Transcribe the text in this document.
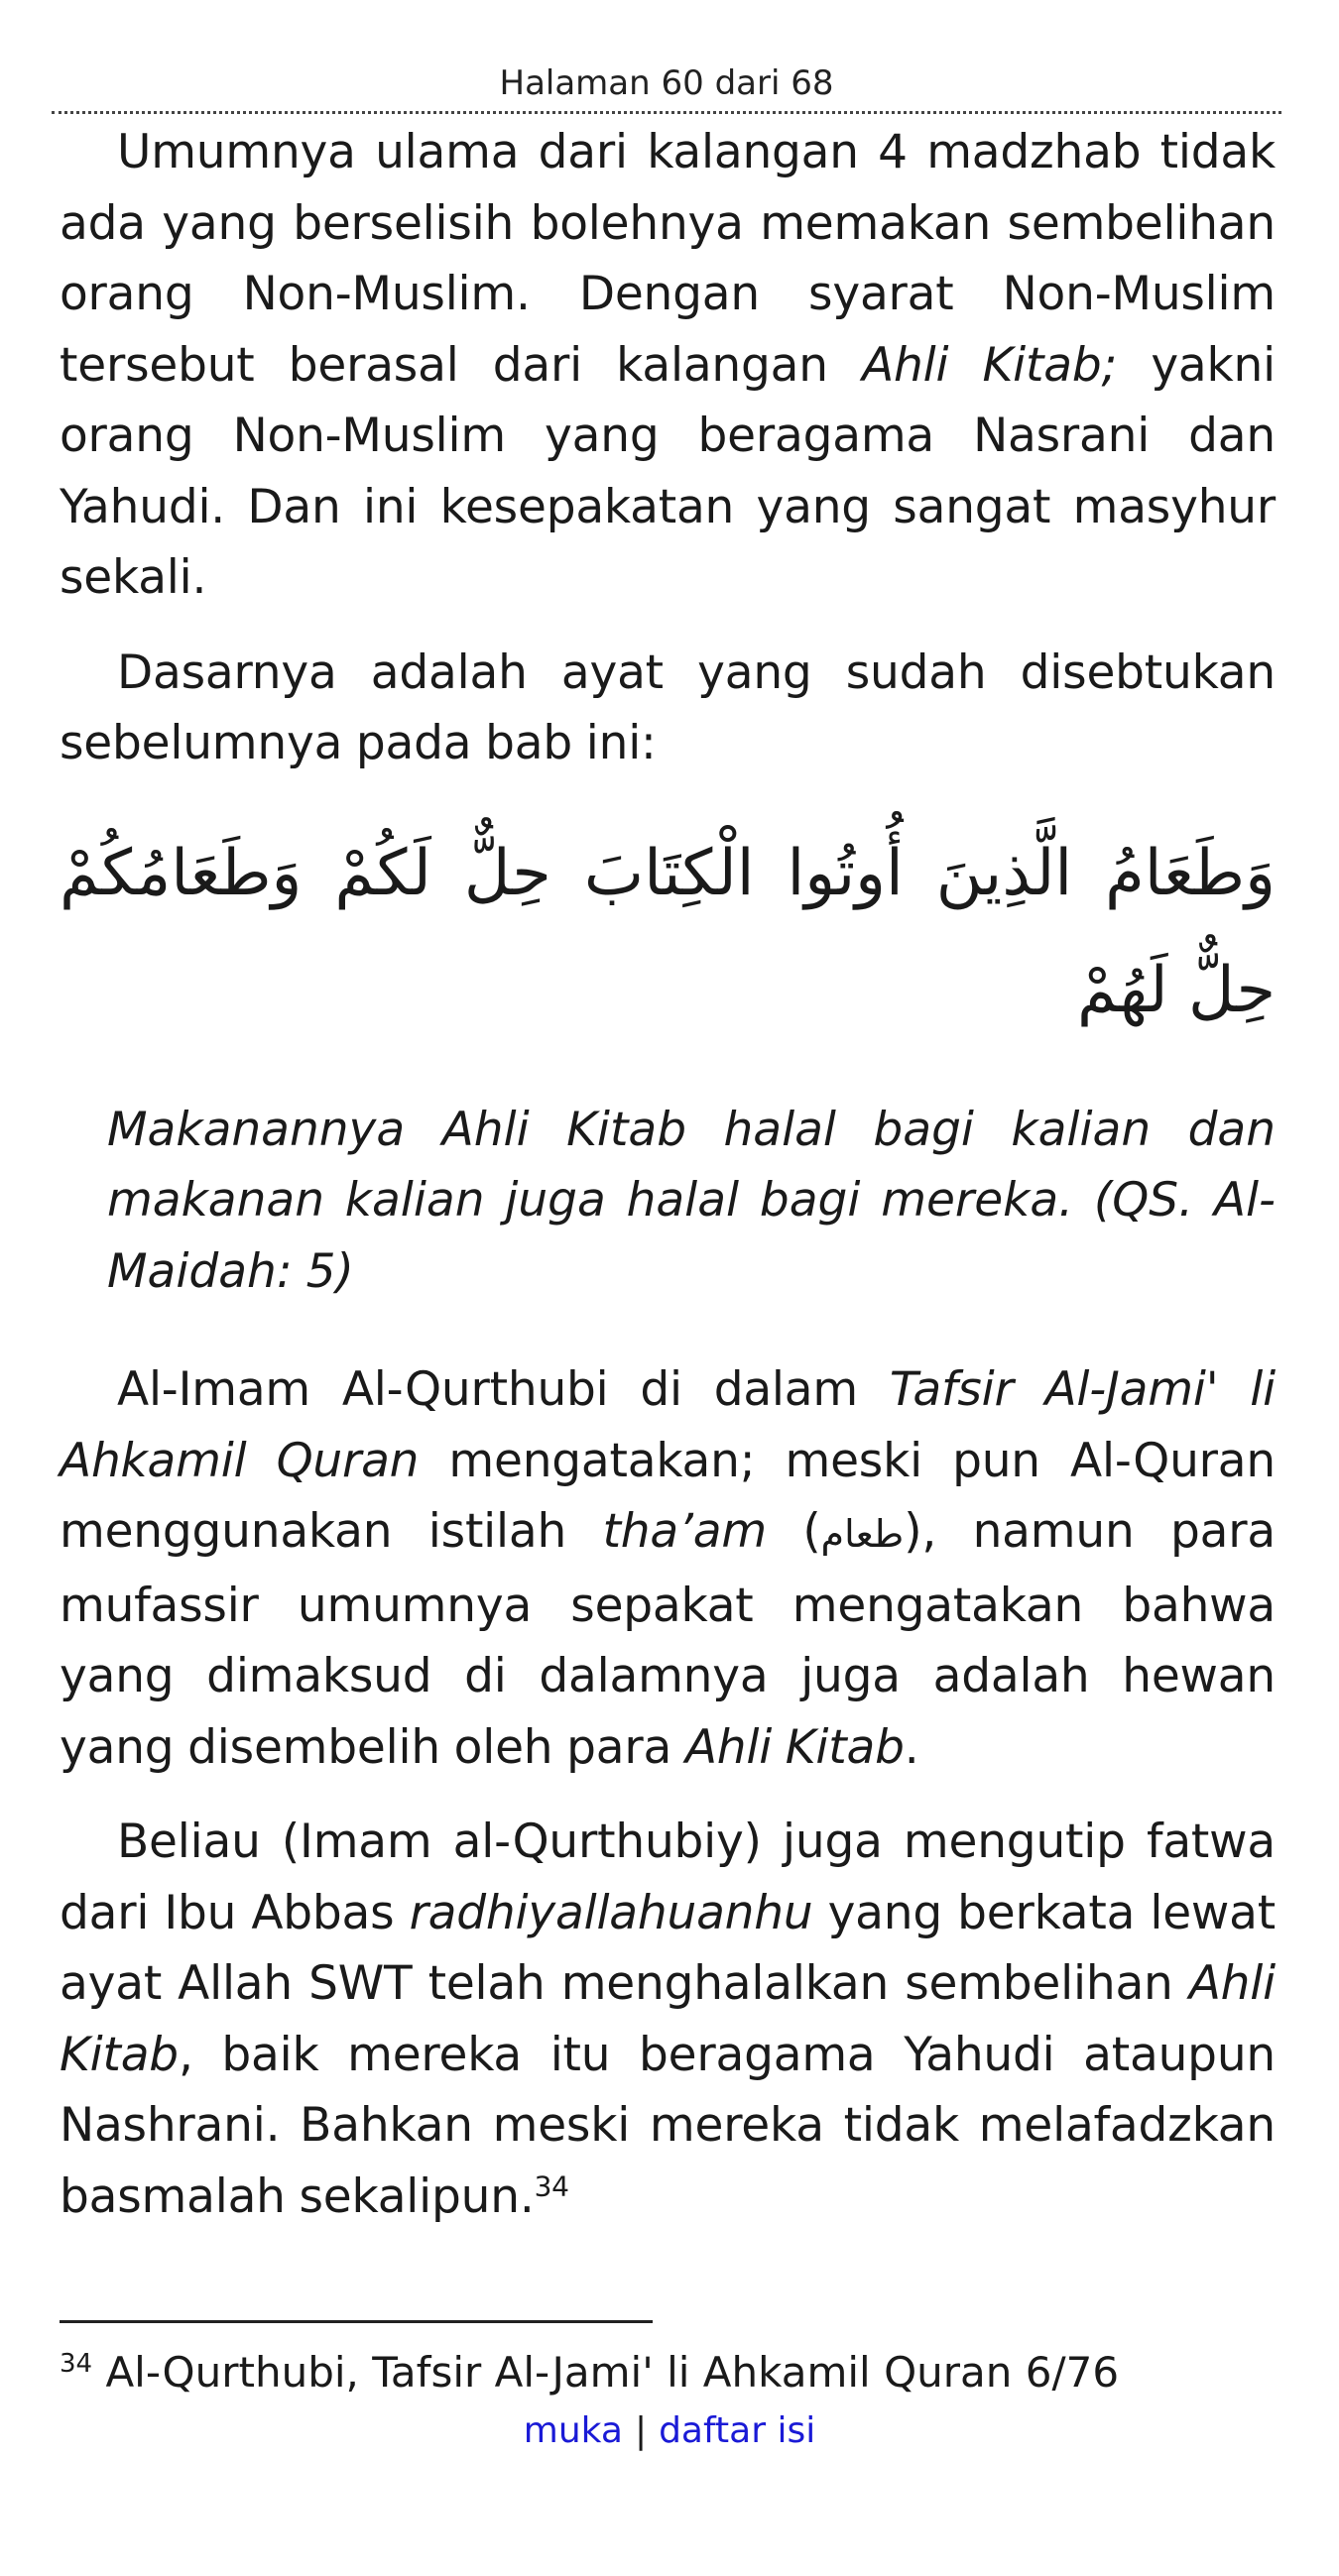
Halaman 60 dari 68

Umumnya ulama dari kalangan 4 madzhab tidak ada yang berselisih bolehnya memakan sembelihan orang Non-Muslim. Dengan syarat Non-Muslim tersebut berasal dari kalangan Ahli Kitab; yakni orang Non-Muslim yang beragama Nasrani dan Yahudi. Dan ini kesepakatan yang sangat masyhur sekali.

Dasarnya adalah ayat yang sudah disebtukan sebelumnya pada bab ini:

وَطَعَامُ الَّذِينَ أُوتُوا الْكِتَابَ حِلٌّ لَكُمْ وَطَعَامُكُمْ حِلٌّ لَهُمْ
Makanannya Ahli Kitab halal bagi kalian dan makanan kalian juga halal bagi mereka. (QS. Al-Maidah: 5)

Al-Imam Al-Qurthubi di dalam Tafsir Al-Jami' li Ahkamil Quran mengatakan; meski pun Al-Quran menggunakan istilah tha’am (طعام), namun para mufassir umumnya sepakat mengatakan bahwa yang dimaksud di dalamnya juga adalah hewan yang disembelih oleh para Ahli Kitab.

Beliau (Imam al-Qurthubiy) juga mengutip fatwa dari Ibu Abbas radhiyallahuanhu yang berkata lewat ayat Allah SWT telah menghalalkan sembelihan Ahli Kitab, baik mereka itu beragama Yahudi ataupun Nashrani. Bahkan meski mereka tidak melafadzkan basmalah sekalipun.$^{34}$

$^{34}$ Al-Qurthubi, Tafsir Al-Jami' li Ahkamil Quran 6/76
muka | daftar isi
